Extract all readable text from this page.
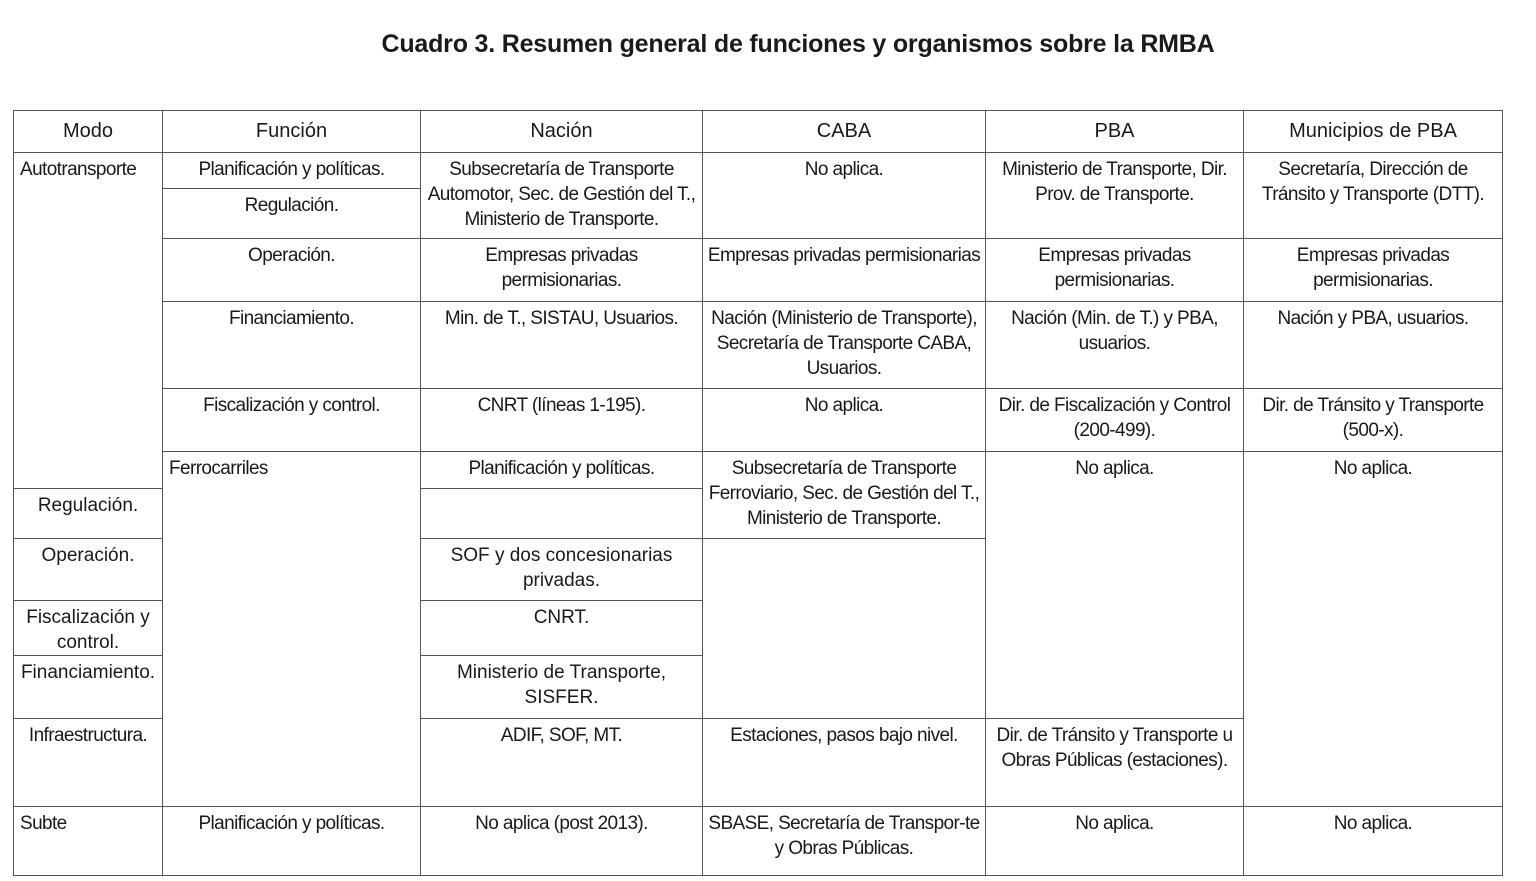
Cuadro 3. Resumen general de funciones y organismos sobre la RMBA
Modo	Función	Nación	CABA	PBA	Municipios de PBA	
Autotransporte	Planificación y políticas.	Subsecretaría de Transporte Automotor, Sec. de Gestión del T., Ministerio de Transporte.	No aplica.	Ministerio de Transporte, Dir. Prov. de Transporte.	Secretaría, Dirección de Tránsito y Transporte (DTT).	
	Regulación.					
	Operación.	Empresas privadas permisionarias.	Empresas privadas permisionarias	Empresas privadas permisionarias.	Empresas privadas permisionarias.	
	Financiamiento.	Min. de T., SISTAU, Usuarios.	Nación (Ministerio de Transporte), Secretaría de Transporte CABA, Usuarios.	Nación (Min. de T.) y PBA, usuarios.	Nación y PBA, usuarios.	
	Fiscalización y control.	CNRT (líneas 1-195).	No aplica.	Dir. de Fiscalización y Control (200-499).	Dir. de Tránsito y Transporte (500-x).	
	Ferrocarriles	Planificación y políticas.	Subsecretaría de Transporte Ferroviario, Sec. de Gestión del T., Ministerio de Transporte.	No aplica.	No aplica.	
Regulación.						
Operación.		SOF y dos concesionarias privadas.				
Fiscalización y control.		CNRT.				
Financiamiento.		Ministerio de Transporte, SISFER.				
Infraestructura.		ADIF, SOF, MT.	Estaciones, pasos bajo nivel.	Dir. de Tránsito y Transporte u Obras Públicas (estaciones).		
Subte	Planificación y políticas.	No aplica (post 2013).	SBASE, Secretaría de Transpor-te y Obras Públicas.	No aplica.	No aplica.	
